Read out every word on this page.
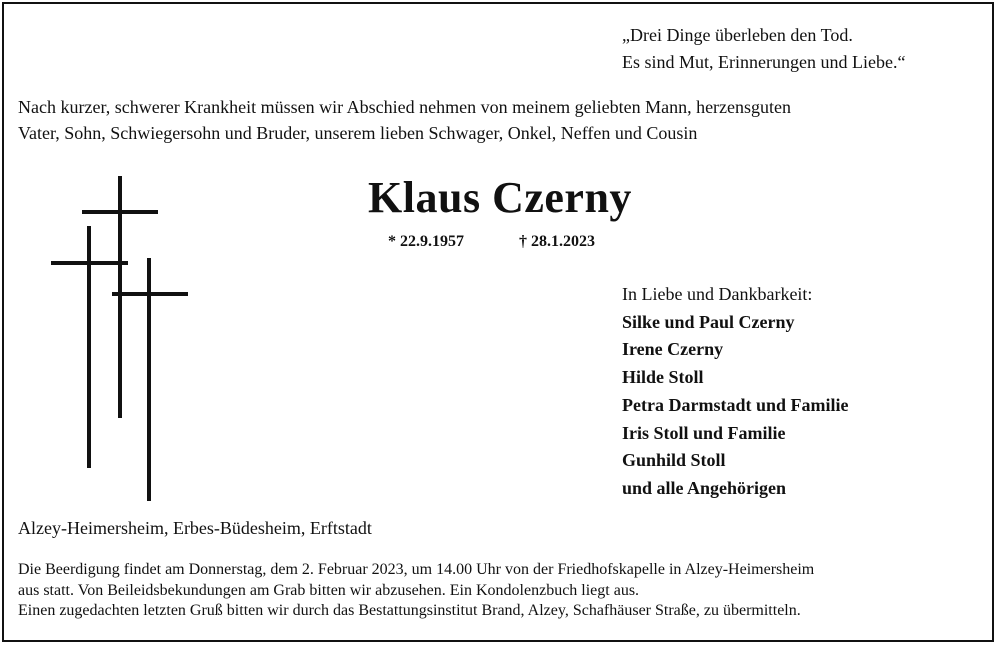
„Drei Dinge überleben den Tod.
Es sind Mut, Erinnerungen und Liebe.“
Nach kurzer, schwerer Krankheit müssen wir Abschied nehmen von meinem geliebten Mann, herzensguten
Vater, Sohn, Schwiegersohn und Bruder, unserem lieben Schwager, Onkel, Neffen und Cousin
Klaus Czerny
* 22.9.1957	† 28.1.2023
In Liebe und Dankbarkeit:
Silke und Paul Czerny
Irene Czerny
Hilde Stoll
Petra Darmstadt und Familie
Iris Stoll und Familie
Gunhild Stoll
und alle Angehörigen
Alzey-Heimersheim, Erbes-Büdesheim, Erftstadt
Die Beerdigung findet am Donnerstag, dem 2. Februar 2023, um 14.00 Uhr von der Friedhofskapelle in Alzey-Heimersheim
aus statt. Von Beileidsbekundungen am Grab bitten wir abzusehen. Ein Kondolenzbuch liegt aus.
Einen zugedachten letzten Gruß bitten wir durch das Bestattungsinstitut Brand, Alzey, Schafhäuser Straße, zu übermitteln.
